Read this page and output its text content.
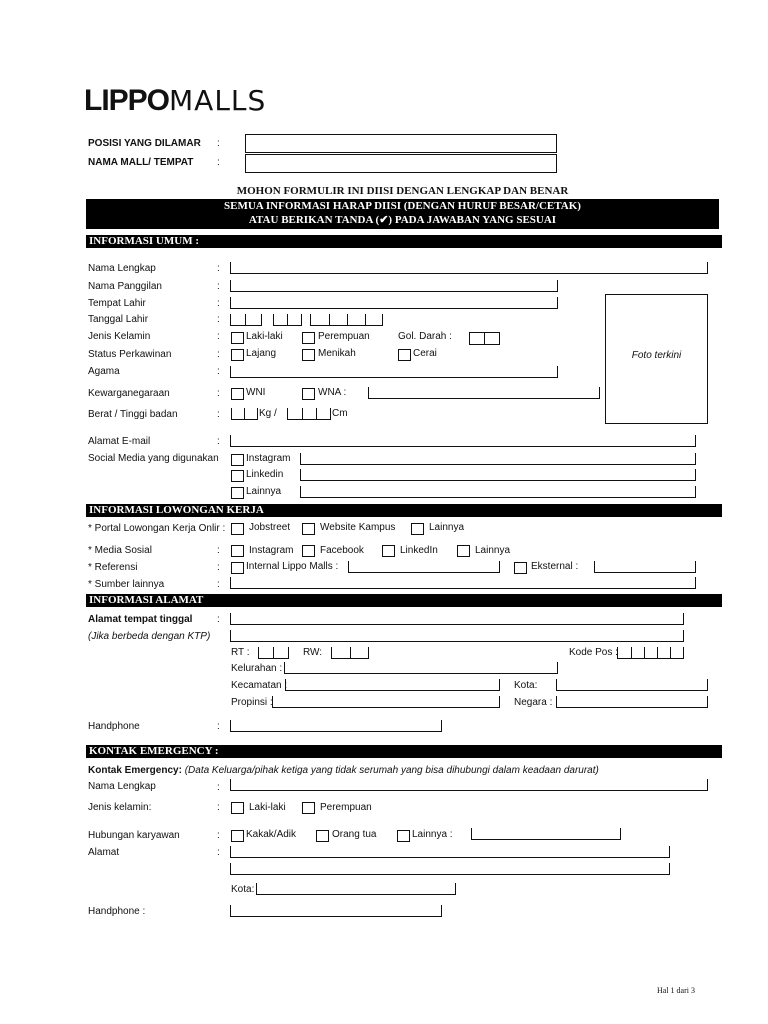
LIPPOMALLS
POSISI YANG DILAMAR :
NAMA MALL/ TEMPAT :
MOHON FORMULIR INI DIISI DENGAN LENGKAP DAN BENAR
SEMUA INFORMASI HARAP DIISI (DENGAN HURUF BESAR/CETAK)
ATAU BERIKAN TANDA (✔) PADA JAWABAN YANG SESUAI
INFORMASI UMUM :
Nama Lengkap	:
Nama Panggilan	:
Tempat Lahir	:
Tanggal Lahir	:
Jenis Kelamin	:	Laki-laki	Perempuan	Gol. Darah :
Status Perkawinan	:	Lajang	Menikah	Cerai
Agama	:
Kewarganegaraan	:	WNI	WNA :
Berat / Tinggi badan	:	Kg /	Cm
Foto terkini
Alamat E-mail	:
Social Media yang digunakan	Instagram
Linkedin
Lainnya
INFORMASI LOWONGAN KERJA
* Portal Lowongan Kerja Onlir : Jobstreet	Website Kampus	Lainnya
* Media Sosial	:	Instagram	Facebook	LinkedIn	Lainnya
* Referensi	:	Internal Lippo Malls :	Eksternal :
* Sumber lainnya	:
INFORMASI ALAMAT
Alamat tempat tinggal :
(Jika berbeda dengan KTP)
RT :	RW:	Kode Pos :
Kelurahan :
Kecamatan :	Kota:
Propinsi :	Negara :
Handphone	:
KONTAK EMERGENCY :
Kontak Emergency: (Data Keluarga/pihak ketiga yang tidak serumah yang bisa dihubungi dalam keadaan darurat)
Nama Lengkap	:
Jenis kelamin:	:	Laki-laki	Perempuan
Hubungan karyawan	:	Kakak/Adik	Orang tua	Lainnya :
Alamat	:
Kota:
Handphone :
Hal 1 dari 3
